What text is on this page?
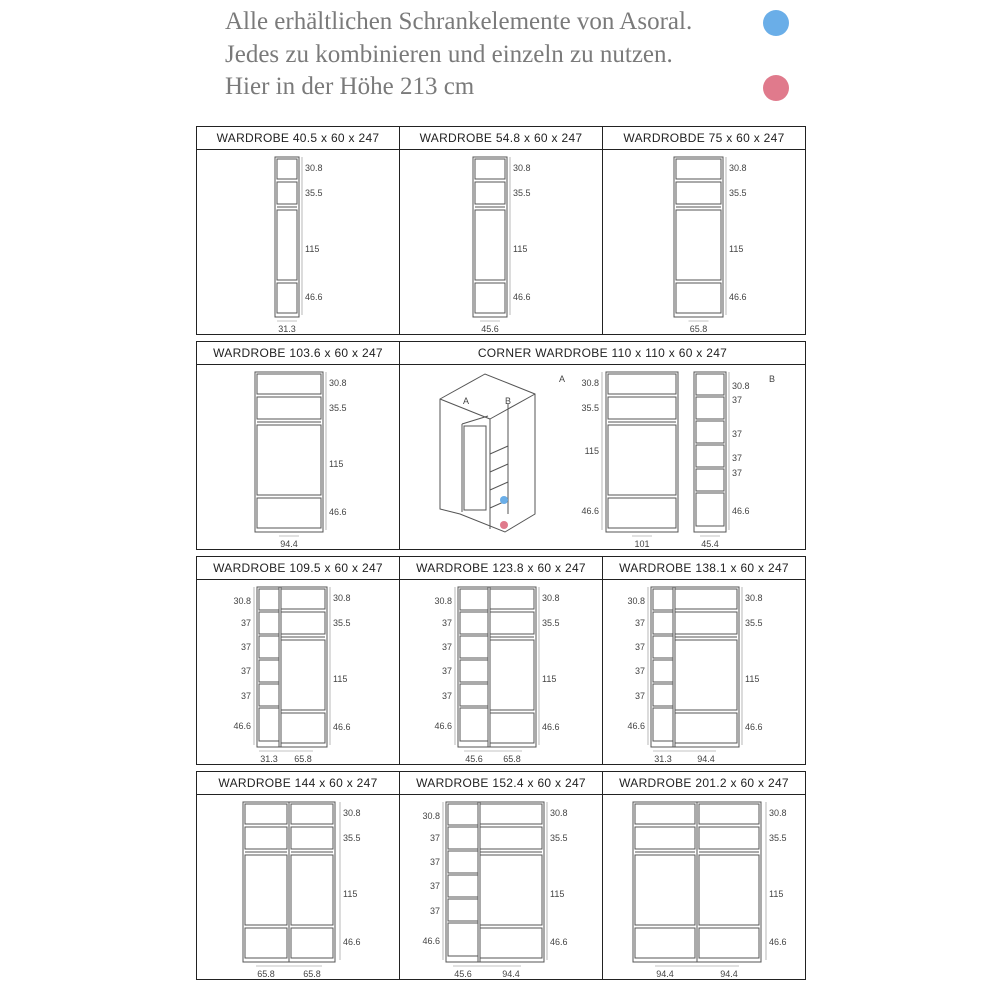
Alle erhältlichen Schrankelemente von Asoral.
Jedes zu kombinieren und einzeln zu nutzen.
Hier in der Höhe 213 cm
WARDROBE 40.5 x 60 x 247
30.8
35.5
115
46.6
31.3
WARDROBE 54.8 x 60 x 247
30.8
35.5
115
46.6
45.6
WARDROBDE 75 x 60 x 247
30.8
35.5
115
46.6
65.8
WARDROBE 103.6 x 60 x 247
30.8
35.5
115
46.6
94.4
CORNER WARDROBE 110 x 110 x 60 x 247
A	B
A 30.8
35.5
115
46.6
101
30.8
37
37
37
37
46.6
B
45.4
WARDROBE 109.5 x 60 x 247
30.8
37
37
37
37
46.6
30.8
35.5
115
46.6
31.3 65.8
WARDROBE 123.8 x 60 x 247
30.8
37
37
37
37
46.6
30.8
35.5
115
46.6
45.6 65.8
WARDROBE 138.1 x 60 x 247
30.8
37
37
37
37
46.6
30.8
35.5
115
46.6
31.3	94.4
WARDROBE 144 x 60 x 247
30.8
35.5
115
46.6
65.8	65.8
WARDROBE 152.4 x 60 x 247
30.8
37
37
37
37
46.6
30.8
35.5
115
46.6
45.6	94.4
WARDROBE 201.2 x 60 x 247
30.8
35.5
115
46.6
94.4	94.4
